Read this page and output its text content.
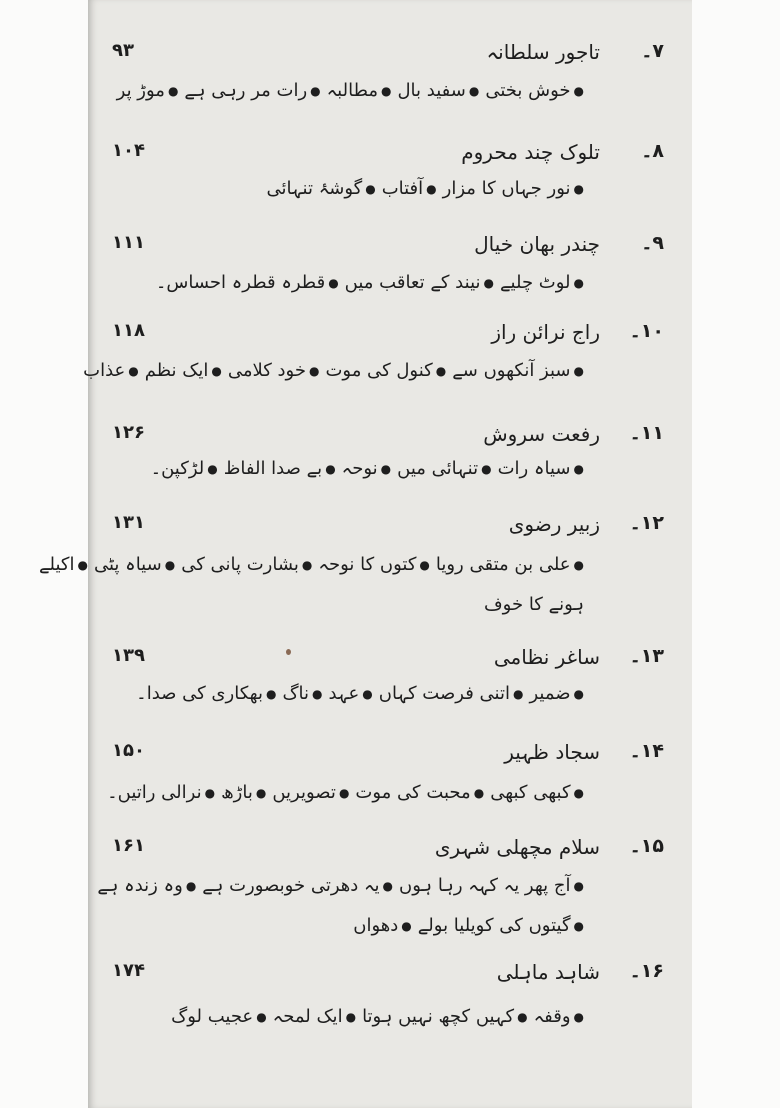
۷۔
تاجور سلطانہ
۹۳
●خوش بختی●سفید بال●مطالبہ●رات مر رہی ہے●موڑ پر
۸۔
تلوک چند محروم
۱۰۴
●نور جہاں کا مزار●آفتاب●گوشۂ تنہائی
۹۔
چندر بھان خیال
۱۱۱
●لوٹ چلیے●نیند کے تعاقب میں●قطرہ قطرہ احساس۔
۱۰۔
راج نرائن راز
۱۱۸
●سبز آنکھوں سے●کنول کی موت●خود کلامی●ایک نظم●عذاب
۱۱۔
رفعت سروش
۱۲۶
●سیاہ رات●تنہائی میں●نوحہ●بے صدا الفاظ●لڑکپن۔
۱۲۔
زبیر رضوی
۱۳۱
●علی بن متقی رویا●کتوں کا نوحہ●بشارت پانی کی●سیاہ پٹی●اکیلے
ہونے کا خوف
۱۳۔
ساغر نظامی
۱۳۹
●ضمیر●اتنی فرصت کہاں●عہد●ناگ●بھکاری کی صدا۔
۱۴۔
سجاد ظہیر
۱۵۰
●کبھی کبھی●محبت کی موت●تصویریں●باڑھ●نرالی راتیں۔
۱۵۔
سلام مچھلی شہری
۱۶۱
●آج پھر یہ کہہ رہا ہوں●یہ دھرتی خوبصورت ہے●وہ زندہ ہے
●گیتوں کی کویلیا بولے●دھواں
۱۶۔
شاہد ماہلی
۱۷۴
●وقفہ●کہیں کچھ نہیں ہوتا●ایک لمحہ●عجیب لوگ
